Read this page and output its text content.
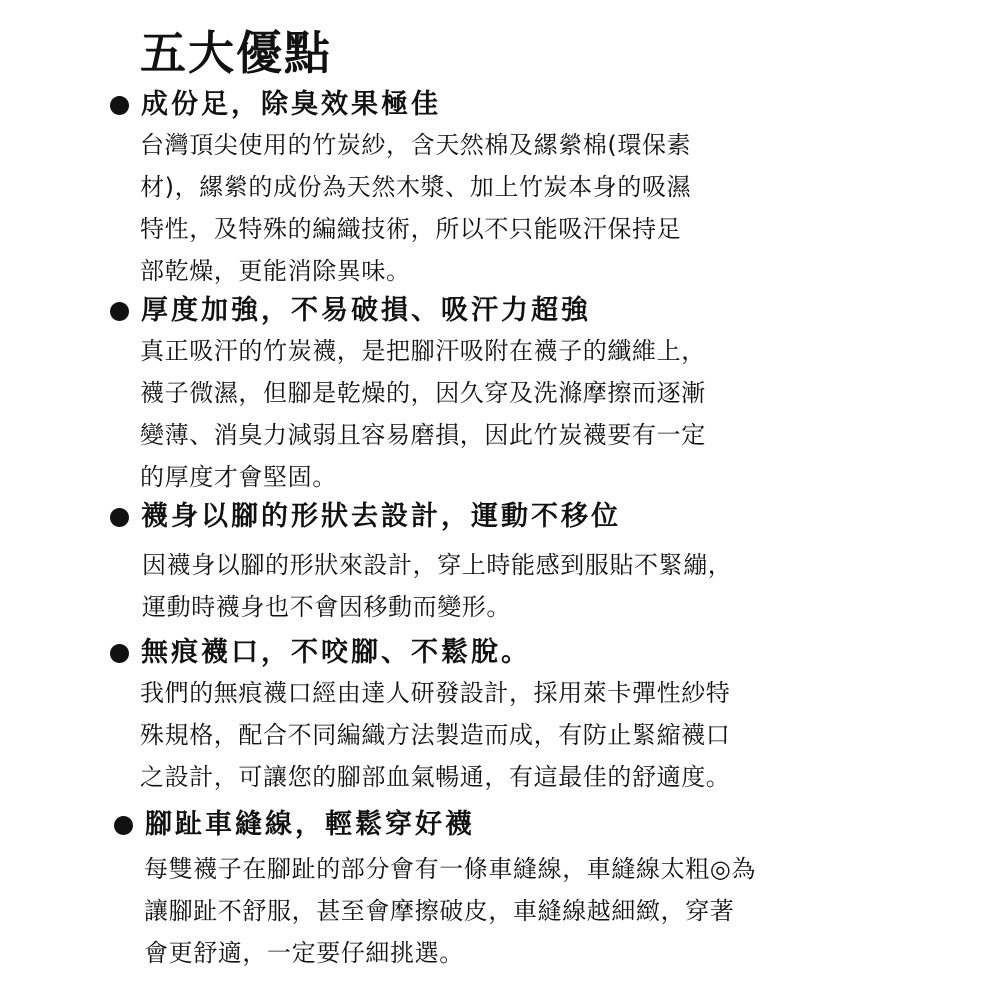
五大優點
成份足，除臭效果極佳

台灣頂尖使用的竹炭紗，含天然棉及縲縈棉(環保素
材)，縲縈的成份為天然木漿、加上竹炭本身的吸濕
特性，及特殊的編織技術，所以不只能吸汗保持足
部乾燥，更能消除異味。

厚度加強，不易破損、吸汗力超強

真正吸汗的竹炭襪，是把腳汗吸附在襪子的纖維上，
襪子微濕，但腳是乾燥的，因久穿及洗滌摩擦而逐漸
變薄、消臭力減弱且容易磨損，因此竹炭襪要有一定
的厚度才會堅固。

襪身以腳的形狀去設計，運動不移位

因襪身以腳的形狀來設計，穿上時能感到服貼不緊繃，
運動時襪身也不會因移動而變形。

無痕襪口，不咬腳、不鬆脫。

我們的無痕襪口經由達人研發設計，採用萊卡彈性紗特
殊規格，配合不同編織方法製造而成，有防止緊縮襪口
之設計，可讓您的腳部血氣暢通，有這最佳的舒適度。

腳趾車縫線，輕鬆穿好襪

每雙襪子在腳趾的部分會有一條車縫線，車縫線太粗◎為
讓腳趾不舒服，甚至會摩擦破皮，車縫線越細緻，穿著
會更舒適，一定要仔細挑選。
